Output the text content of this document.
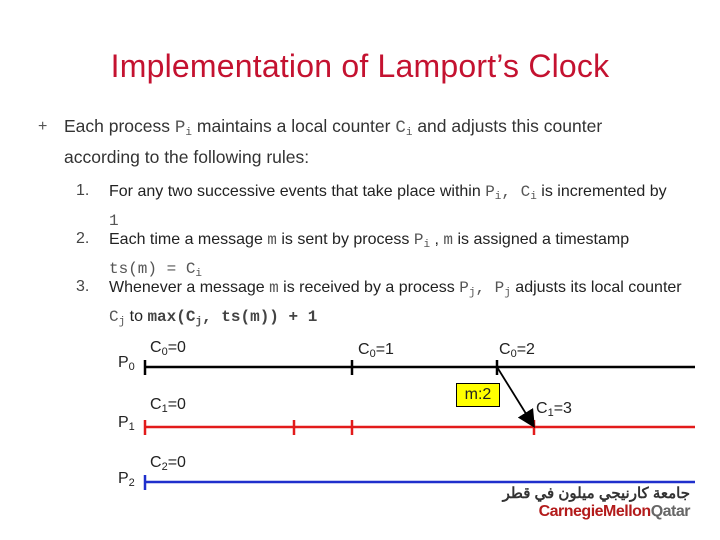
Implementation of Lamport’s Clock
+ Each process $P_i$ maintains a local counter $C_i$ and adjusts this counter according to the following rules:
1. For any two successive events that take place within $P_i$, $C_i$ is incremented by 1
2. Each time a message m is sent by process $P_i$ , m is assigned a timestamp $ts(m) = C_i$
3. Whenever a message m is received by a process $P_j$, $P_j$ adjusts its local counter $C_j$ to $\max(C_j$, ts(m)) + 1
$P_0$
$P_1$
$P_2$
$C_0=0$
$C_1=0$
$C_2=0$
$C_0=1$	$C_0=2$
$C_1=3$
m:2
جامعة كارنيجي ميلون في قطر
CarnegieMellonQatar
